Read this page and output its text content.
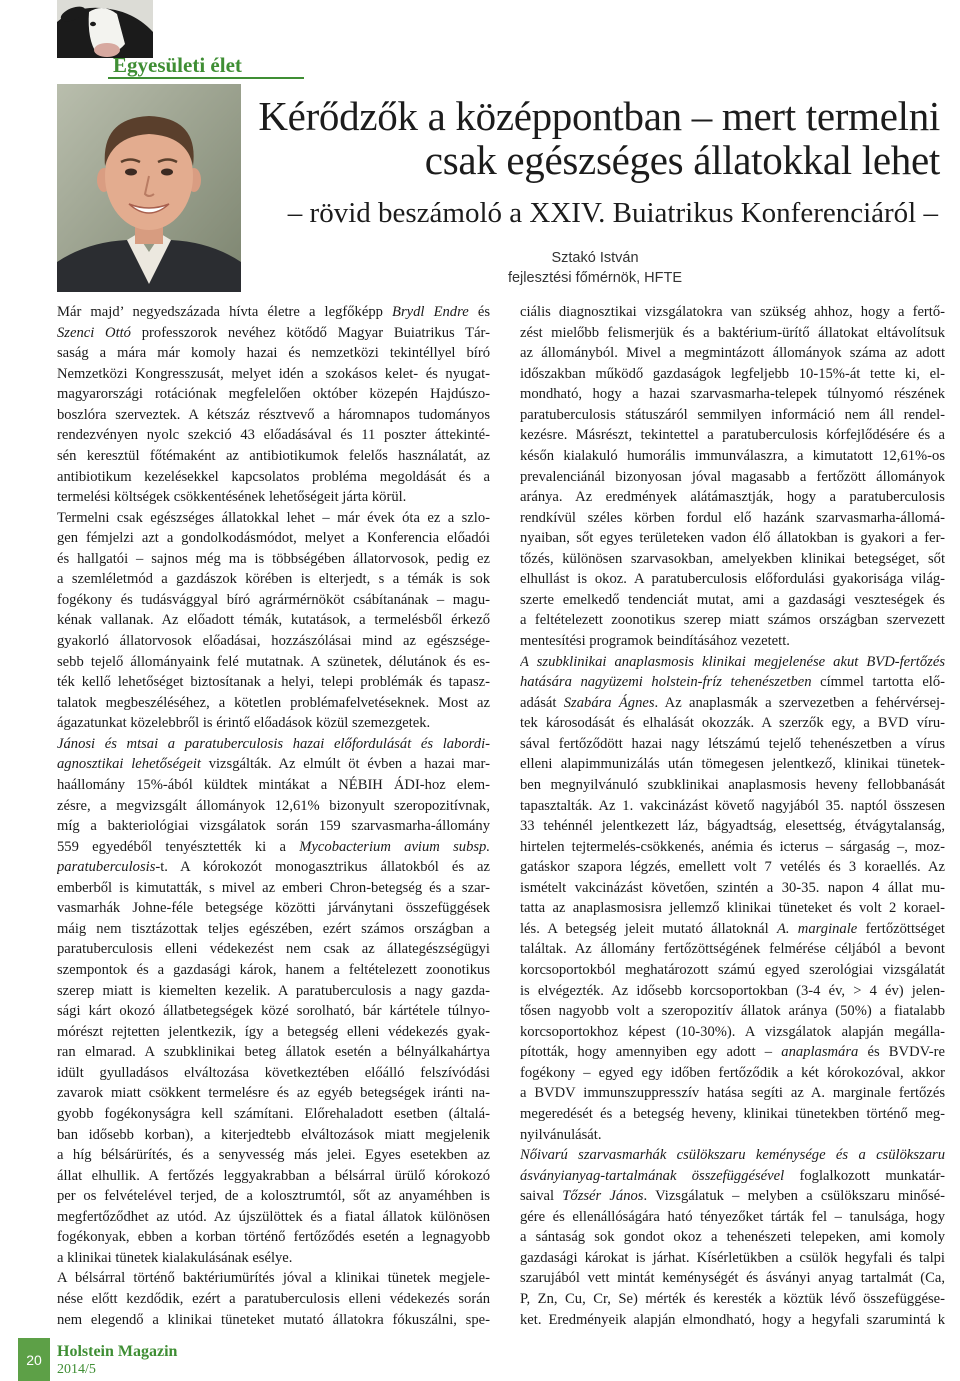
Egyesületi élet
Kérődzők a középpontban – mert termelni
csak egészséges állatokkal lehet
– rövid beszámoló a XXIV. Buiatrikus Konferenciáról –
Sztakó István
fejlesztési főmérnök, HFTE
Már majd’ negyedszázada hívta életre a legfőképp Brydl Endre és
Szenci Ottó professzorok nevéhez kötődő Magyar Buiatrikus Tár-
saság a mára már komoly hazai és nemzetközi tekintéllyel bíró
Nemzetközi Kongresszusát, melyet idén a szokásos kelet- és nyugat-
magyarországi rotációnak megfelelően október közepén Hajdúszo-
boszlóra szerveztek. A kétszáz résztvevő a háromnapos tudományos
rendezvényen nyolc szekció 43 előadásával és 11 poszter áttekinté-
sén keresztül főtémaként az antibiotikumok felelős használatát, az
antibiotikum kezelésekkel kapcsolatos probléma megoldását és a
termelési költségek csökkentésének lehetőségeit járta körül.
Termelni csak egészséges állatokkal lehet – már évek óta ez a szlo-
gen fémjelzi azt a gondolkodásmódot, melyet a Konferencia előadói
és hallgatói – sajnos még ma is többségében állatorvosok, pedig ez
a szemléletmód a gazdászok körében is elterjedt, s a témák is sok
fogékony és tudásvággyal bíró agrármérnököt csábítanának – magu-
kénak vallanak. Az előadott témák, kutatások, a termelésből érkező
gyakorló állatorvosok előadásai, hozzászólásai mind az egészsége-
sebb tejelő állományaink felé mutatnak. A szünetek, délutánok és es-
ték kellő lehetőséget biztosítanak a helyi, telepi problémák és tapasz-
talatok megbeszéléséhez, a kötetlen problémafelvetéseknek. Most az
ágazatunkat közelebbről is érintő előadások közül szemezgetek.
Jánosi és mtsai a paratuberculosis hazai előfordulását és labordi-
agnosztikai lehetőségeit vizsgálták. Az elmúlt öt évben a hazai mar-
haállomány 15%-ából küldtek mintákat a NÉBIH ÁDI-hoz elem-
zésre, a megvizsgált állományok 12,61% bizonyult szeropozitívnak,
míg a bakteriológiai vizsgálatok során 159 szarvasmarha-állomány
559 egyedéből tenyésztették ki a Mycobacterium avium subsp.
paratuberculosis-t. A kórokozót monogasztrikus állatokból és az
emberből is kimutatták, s mivel az emberi Chron-betegség és a szar-
vasmarhák Johne-féle betegsége közötti járványtani összefüggések
máig nem tisztázottak teljes egészében, ezért számos országban a
paratuberculosis elleni védekezést nem csak az állategészségügyi
szempontok és a gazdasági károk, hanem a feltételezett zoonotikus
szerep miatt is kiemelten kezelik. A paratuberculosis a nagy gazda-
sági kárt okozó állatbetegségek közé sorolható, bár kártétele túlnyo-
mórészt rejtetten jelentkezik, így a betegség elleni védekezés gyak-
ran elmarad. A szubklinikai beteg állatok esetén a bélnyálkahártya
idült gyulladásos elváltozása következtében előálló felszívódási
zavarok miatt csökkent termelésre és az egyéb betegségek iránti na-
gyobb fogékonyságra kell számítani. Előrehaladott esetben (általá-
ban idősebb korban), a kiterjedtebb elváltozások miatt megjelenik
a híg bélsárürítés, és a senyvesség más jelei. Egyes esetekben az
állat elhullik. A fertőzés leggyakrabban a bélsárral ürülő kórokozó
per os felvételével terjed, de a kolosztrumtól, sőt az anyaméhben is
megfertőződhet az utód. Az újszülöttek és a fiatal állatok különösen
fogékonyak, ebben a korban történő fertőződés esetén a legnagyobb
a klinikai tünetek kialakulásának esélye.
A bélsárral történő baktériumürítés jóval a klinikai tünetek megjele-
nése előtt kezdődik, ezért a paratuberculosis elleni védekezés során
nem elegendő a klinikai tüneteket mutató állatokra fókuszálni, spe-
ciális diagnosztikai vizsgálatokra van szükség ahhoz, hogy a fertő-
zést mielőbb felismerjük és a baktérium-ürítő állatokat eltávolítsuk
az állományból. Mivel a megmintázott állományok száma az adott
időszakban működő gazdaságok legfeljebb 10-15%-át tette ki, el-
mondható, hogy a hazai szarvasmarha-telepek túlnyomó részének
paratuberculosis státuszáról semmilyen információ nem áll rendel-
kezésre. Másrészt, tekintettel a paratuberculosis kórfejlődésére és a
későn kialakuló humorális immunválaszra, a kimutatott 12,61%-os
prevalenciánál bizonyosan jóval magasabb a fertőzött állományok
aránya. Az eredmények alátámasztják, hogy a paratuberculosis
rendkívül széles körben fordul elő hazánk szarvasmarha-állomá-
nyaiban, sőt egyes területeken vadon élő állatokban is gyakori a fer-
tőzés, különösen szarvasokban, amelyekben klinikai betegséget, sőt
elhullást is okoz. A paratuberculosis előfordulási gyakorisága világ-
szerte emelkedő tendenciát mutat, ami a gazdasági veszteségek és
a feltételezett zoonotikus szerep miatt számos országban szervezett
mentesítési programok beindításához vezetett.
A szubklinikai anaplasmosis klinikai megjelenése akut BVD-fertőzés
hatására nagyüzemi holstein-fríz tehenészetben címmel tartotta elő-
adását Szabára Ágnes. Az anaplasmák a szervezetben a fehérvérsej-
tek károsodását és elhalását okozzák. A szerzők egy, a BVD víru-
sával fertőződött hazai nagy létszámú tejelő tehenészetben a vírus
elleni alapimmunizálás után tömegesen jelentkező, klinikai tünetek-
ben megnyilvánuló szubklinikai anaplasmosis heveny fellobbanását
tapasztalták. Az 1. vakcinázást követő nagyjából 35. naptól összesen
33 tehénnél jelentkezett láz, bágyadtság, elesettség, étvágytalanság,
hirtelen tejtermelés-csökkenés, anémia és icterus – sárgaság –, moz-
gatáskor szapora légzés, emellett volt 7 vetélés és 3 koraellés. Az
ismételt vakcinázást követően, szintén a 30-35. napon 4 állat mu-
tatta az anaplasmosisra jellemző klinikai tüneteket és volt 2 korael-
lés. A betegség jeleit mutató állatoknál A. marginale fertőzöttséget
találtak. Az állomány fertőzöttségének felmérése céljából a bevont
korcsoportokból meghatározott számú egyed szerológiai vizsgálatát
is elvégezték. Az idősebb korcsoportokban (3-4 év, > 4 év) jelen-
tősen nagyobb volt a szeropozitív állatok aránya (50%) a fiatalabb
korcsoportokhoz képest (10-30%). A vizsgálatok alapján megálla-
pították, hogy amennyiben egy adott – anaplasmára és BVDV-re
fogékony – egyed egy időben fertőződik a két kórokozóval, akkor
a BVDV immunszuppresszív hatása segíti az A. marginale fertőzés
megeredését és a betegség heveny, klinikai tünetekben történő meg-
nyilvánulását.
Nőivarú szarvasmarhák csülökszaru keménysége és a csülökszaru
ásványianyag-tartalmának összefüggésével foglalkozott munkatár-
saival Tőzsér János. Vizsgálatuk – melyben a csülökszaru minősé-
gére és ellenállóságára ható tényezőket tárták fel – tanulsága, hogy
a sántaság sok gondot okoz a tehenészeti telepeken, ami komoly
gazdasági károkat is járhat. Kísérletükben a csülök hegyfali és talpi
szarujából vett mintát keménységét és ásványi anyag tartalmát (Ca,
P, Zn, Cu, Cr, Se) mérték és keresték a köztük lévő összefüggése-
ket. Eredményeik alapján elmondható, hogy a hegyfali szarumintá k
20 Holstein Magazin
2014/5
